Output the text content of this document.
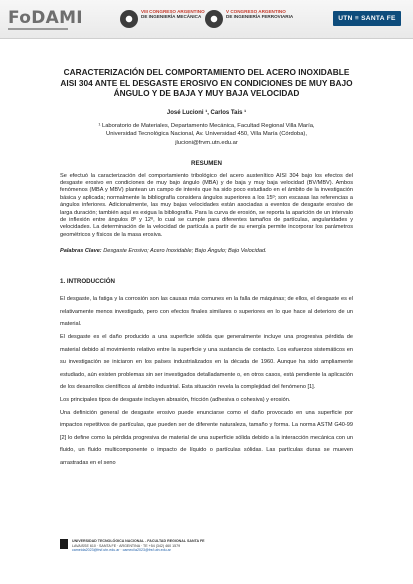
FoDAMI	VIII CONGRESO ARGENTINO
DE INGENIERÍA MECÁNICA
V CONGRESO ARGENTINO
DE INGENIERÍA FERROVIARIA	UTN ≡ SANTA FE

CARACTERIZACIÓN DEL COMPORTAMIENTO DEL ACERO INOXIDABLE AISI 304 ANTE EL DESGASTE EROSIVO EN CONDICIONES DE MUY BAJO ÁNGULO Y DE BAJA Y MUY BAJA VELOCIDAD

José Lucioni ¹, Carlos Tais ¹
¹ Laboratorio de Materiales, Departamento Mecánica, Facultad Regional Villa María,
Universidad Tecnológica Nacional, Av. Universidad 450, Villa María (Córdoba),
jlucioni@frvm.utn.edu.ar
RESUMEN
Se efectuó la caracterización del comportamiento tribológico del acero austenítico AISI 304 bajo los efectos del desgaste erosivo en condiciones de muy bajo ángulo (MBA) y de baja y muy baja velocidad (BV/MBV). Ambos fenómenos (MBA y MBV) plantean un campo de interés que ha sido poco estudiado en el ámbito de la investigación básica y aplicada; normalmente la bibliografía considera ángulos superiores a los 15º; son escasas las referencias a ángulos inferiores. Adicionalmente, las muy bajas velocidades están asociadas a eventos de desgaste erosivo de larga duración; también aquí es exigua la bibliografía. Para la curva de erosión, se reporta la aparición de un intervalo de inflexión entre ángulos 8º y 12º, lo cual se cumple para diferentes tamaños de partículas, angularidades y velocidades. La determinación de la velocidad de partícula a partir de su energía permite incorporar los parámetros geométricos y físicos de la masa erosiva.
Palabras Clave: Desgaste Erosivo; Acero Inoxidable; Bajo Ángulo; Bajo Velocidad.
1. INTRODUCCIÓN

El desgaste, la fatiga y la corrosión son las causas más comunes en la falla de máquinas; de ellos, el desgaste es el relativamente menos investigado, pero con efectos finales similares o superiores en lo que hace al deterioro de un material.

El desgaste es el daño producido a una superficie sólida que generalmente incluye una progresiva pérdida de material debido al movimiento relativo entre la superficie y una sustancia de contacto. Los esfuerzos sistemáticos en su investigación se iniciaron en los países industrializados en la década de 1960. Aunque ha sido ampliamente estudiado, aún existen problemas sin ser investigados detalladamente o, en otros casos, está pendiente la aplicación de los desarrollos científicos al ámbito industrial. Esta situación revela la complejidad del fenómeno [1].

Los principales tipos de desgaste incluyen abrasión, fricción (adhesiva o cohesiva) y erosión.

Una definición general de desgaste erosivo puede enunciarse como el daño provocado en una superficie por impactos repetitivos de partículas, que pueden ser de diferente naturaleza, tamaño y forma. La norma ASTM G40-99 [2] lo define como la pérdida progresiva de material de una superficie sólida debido a la interacción mecánica con un fluido, un fluido multicomponente o impacto de líquido o partículas sólidas. Las partículas duras se mueven arrastradas en el seno

UNIVERSIDAD TECNOLÓGICA NACIONAL - FACULTAD REGIONAL SANTA FE
LAVAISSE 610 · SANTA FE · ARGENTINA · TE +54 (342) 460 1579
cameida2023@frsf.utn.edu.ar · cameci/a2023@frsf.utn.edu.ar
